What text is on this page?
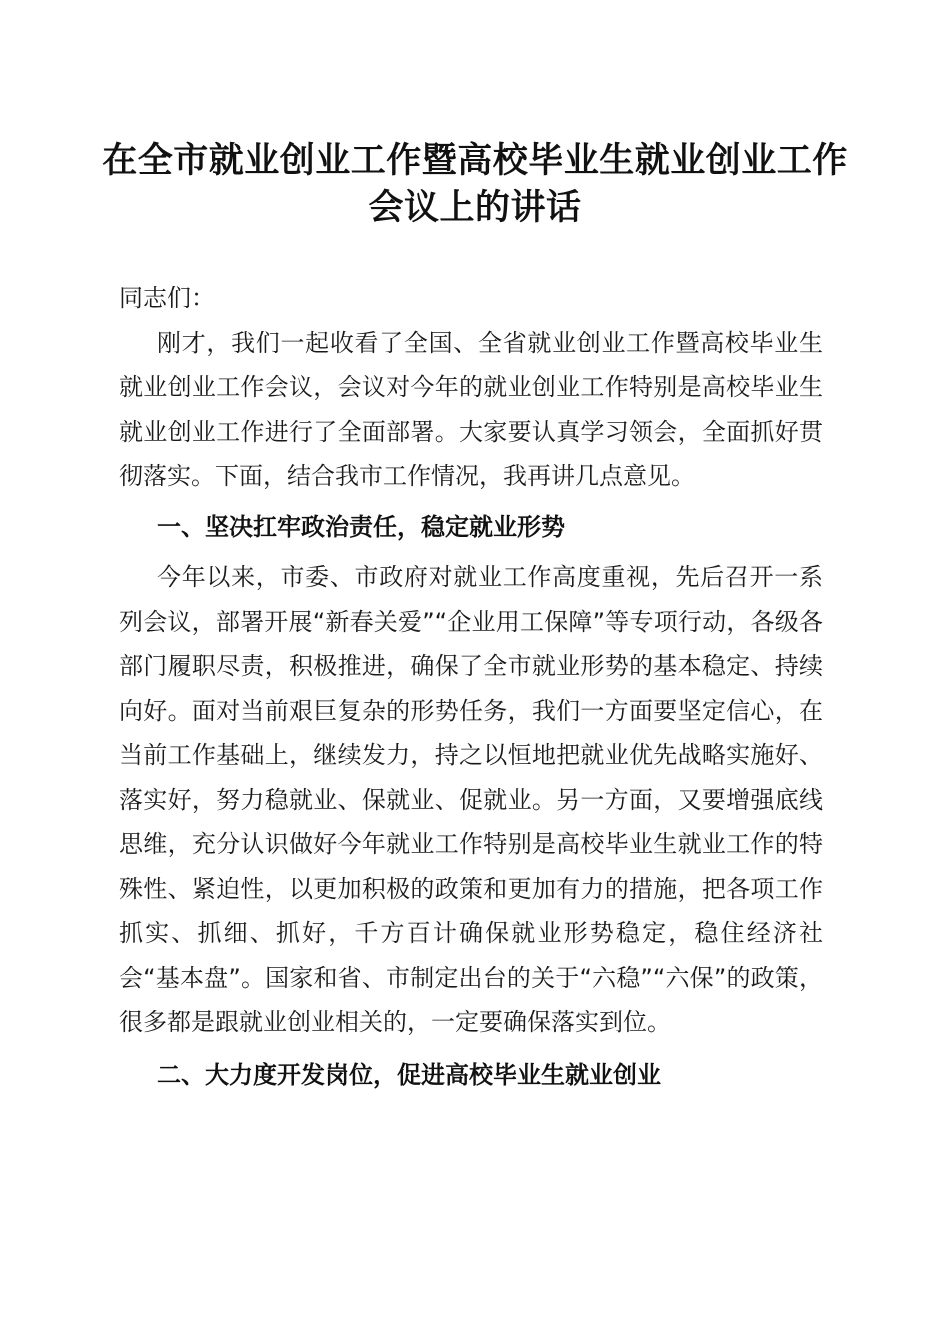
在全市就业创业工作暨高校毕业生就业创业工作会议上的讲话

同志们：

刚才，我们一起收看了全国、全省就业创业工作暨高校毕业生就业创业工作会议，会议对今年的就业创业工作特别是高校毕业生就业创业工作进行了全面部署。大家要认真学习领会，全面抓好贯彻落实。下面，结合我市工作情况，我再讲几点意见。

一、坚决扛牢政治责任，稳定就业形势

今年以来，市委、市政府对就业工作高度重视，先后召开一系列会议，部署开展“新春关爱”“企业用工保障”等专项行动，各级各部门履职尽责，积极推进，确保了全市就业形势的基本稳定、持续向好。面对当前艰巨复杂的形势任务，我们一方面要坚定信心，在当前工作基础上，继续发力，持之以恒地把就业优先战略实施好、落实好，努力稳就业、保就业、促就业。另一方面，又要增强底线思维，充分认识做好今年就业工作特别是高校毕业生就业工作的特殊性、紧迫性，以更加积极的政策和更加有力的措施，把各项工作抓实、抓细、抓好，千方百计确保就业形势稳定，稳住经济社会“基本盘”。国家和省、市制定出台的关于“六稳”“六保”的政策，很多都是跟就业创业相关的，一定要确保落实到位。

二、大力度开发岗位，促进高校毕业生就业创业
